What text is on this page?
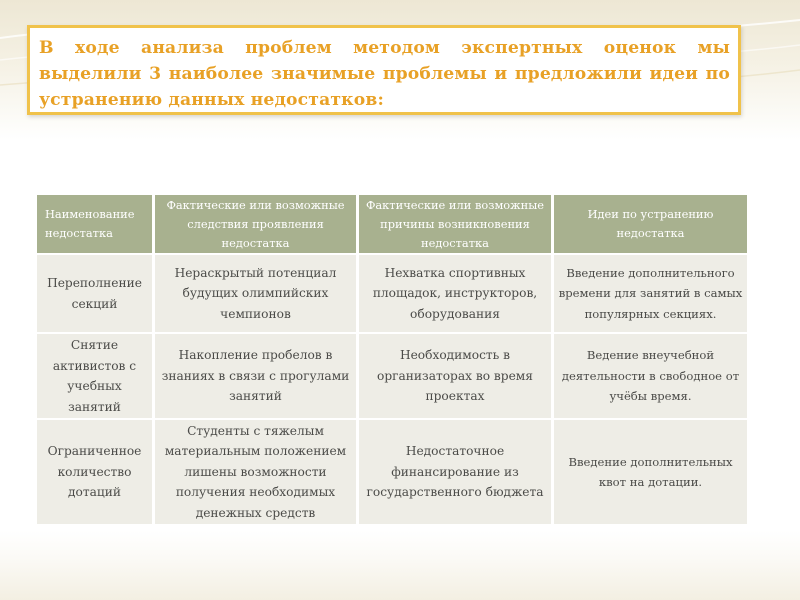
В ходе анализа проблем методом экспертных оценок мы выделили 3 наиболее значимые проблемы и предложили идеи по устранению данных недостатков:

Наименование недостатка	Фактические или возможные следствия проявления недостатка	Фактические или возможные причины возникновения недостатка	Идеи по устранению недостатка
Переполнение секций	Нераскрытый потенциал будущих олимпийских чемпионов	Нехватка спортивных площадок, инструкторов, оборудования	Введение дополнительного времени для занятий в самых популярных секциях.
Снятие активистов с учебных занятий	Накопление пробелов в знаниях в связи с прогулами занятий	Необходимость в организаторах во время проектах	Ведение внеучебной деятельности в свободное от учёбы время.
Ограниченное количество дотаций	Студенты с тяжелым материальным положением лишены возможности получения необходимых денежных средств	Недостаточное финансирование из государственного бюджета	Введение дополнительных квот на дотации.
